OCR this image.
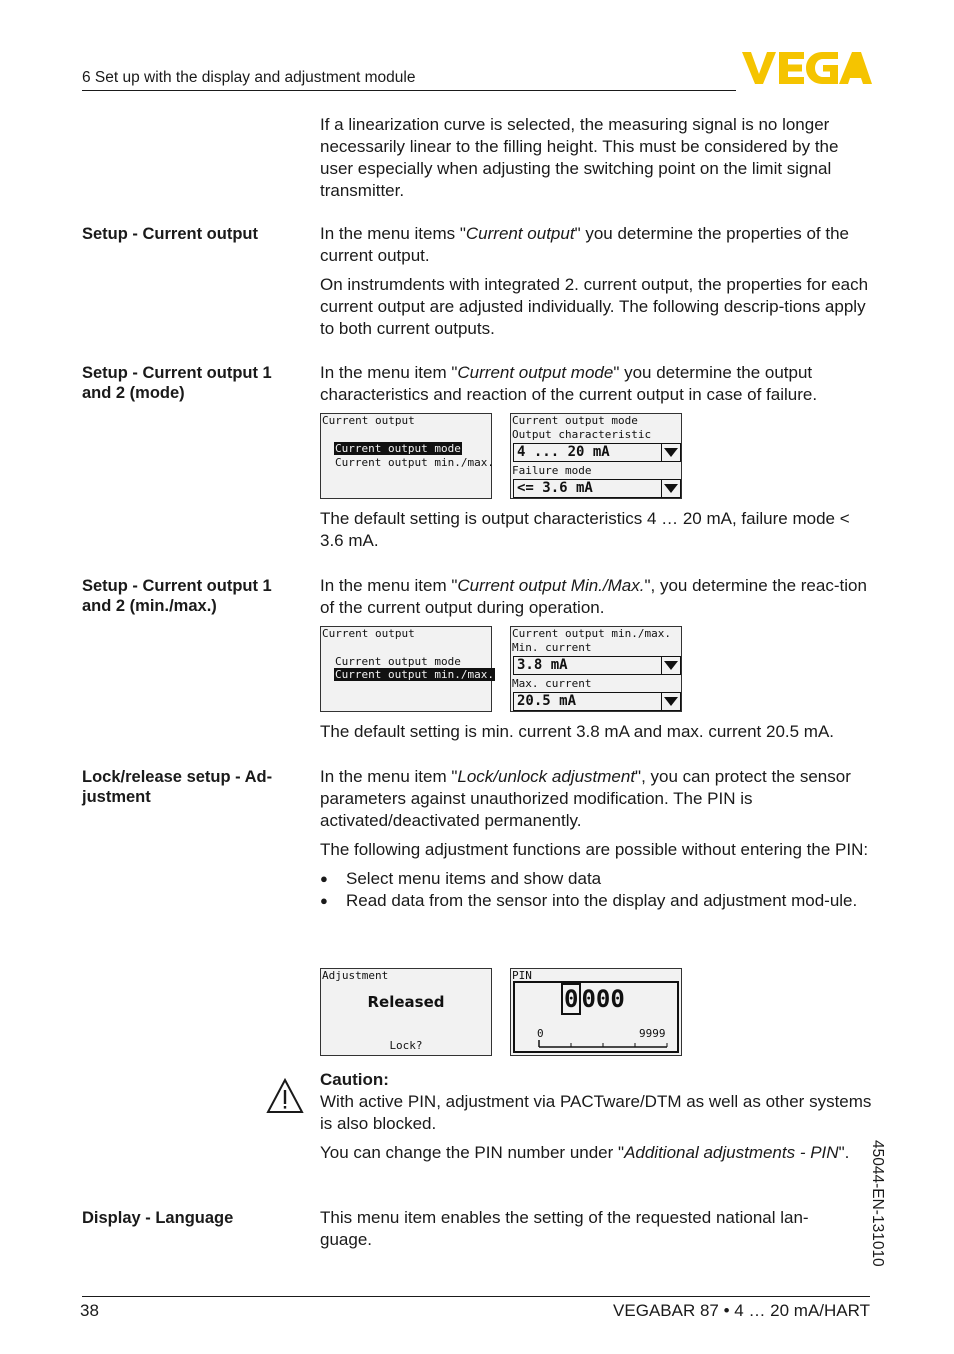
6 Set up with the display and adjustment module

If a linearization curve is selected, the measuring signal is no longer necessarily linear to the filling height. This must be considered by the user especially when adjusting the switching point on the limit signal transmitter.

Setup - Current output	In the menu items "Current output" you determine the properties of the current output.

On instrumdents with integrated 2. current output, the properties for each current output are adjusted individually. The following descrip-tions apply to both current outputs.

Setup - Current output 1 and 2 (mode)

In the menu item "Current output mode" you determine the output characteristics and reaction of the current output in case of failure.

Current output
Current output mode
Current output min./max.
Current output mode
Output characteristic
4 ... 20 mA
Failure mode
<= 3.6 mA

The default setting is output characteristics 4 … 20 mA, failure mode < 3.6 mA.

Setup - Current output 1 and 2 (min./max.)

In the menu item "Current output Min./Max.", you determine the reac-tion of the current output during operation.

Current output
Current output mode
Current output min./max.
Current output min./max.
Min. current
3.8 mA
Max. current
20.5 mA

The default setting is min. current 3.8 mA and max. current 20.5 mA.

Lock/release setup - Ad-justment

In the menu item "Lock/unlock adjustment", you can protect the sensor parameters against unauthorized modification. The PIN is activated/deactivated permanently.

The following adjustment functions are possible without entering the PIN:

● Select menu items and show data
● Read data from the sensor into the display and adjustment mod-ule.
Adjustment
Released
Lock?
PIN
0 000
0	9999

Caution:

With active PIN, adjustment via PACTware/DTM as well as other systems is also blocked.

You can change the PIN number under "Additional adjustments - PIN".

Display - Language	This menu item enables the setting of the requested national lan-guage.	45044-EN-131010
38	VEGABAR 87 • 4 … 20 mA/HART
